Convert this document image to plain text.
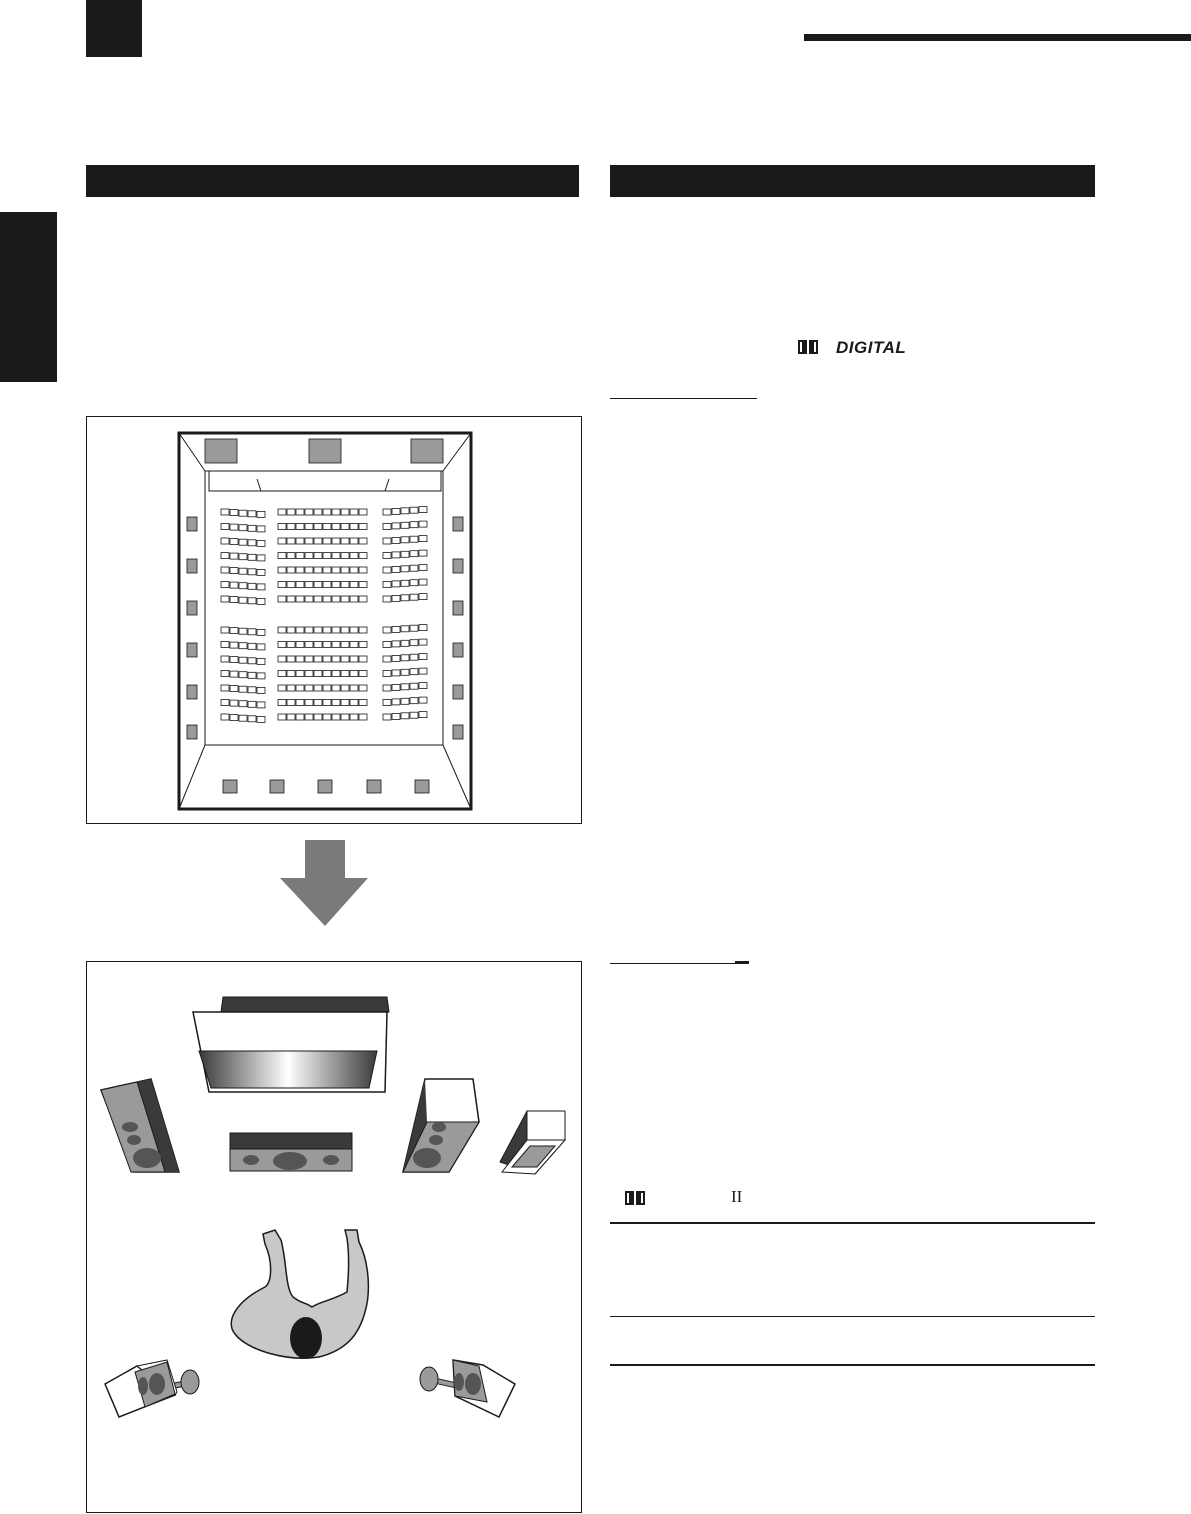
DIGITAL
II
